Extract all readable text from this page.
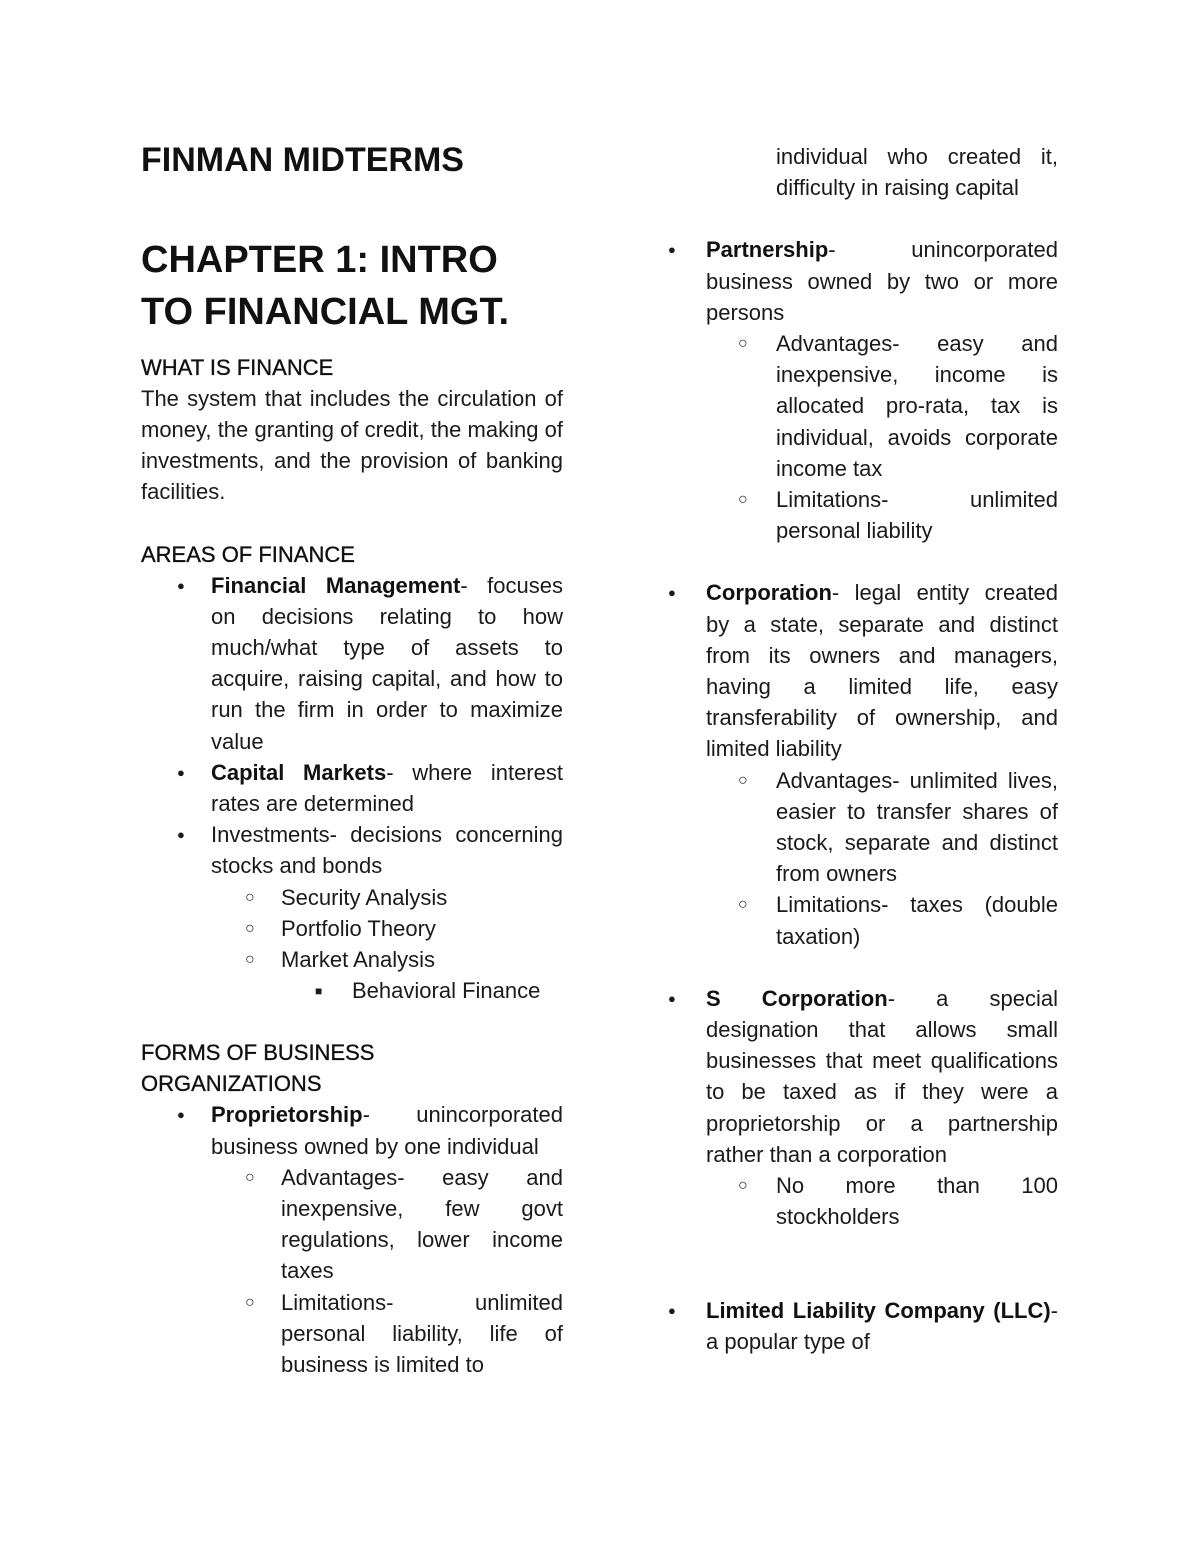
FINMAN MIDTERMS
CHAPTER 1: INTRO
TO FINANCIAL MGT.
WHAT IS FINANCE

The system that includes the circulation of money, the granting of credit, the making of investments, and the provision of banking facilities.

AREAS OF FINANCE
●
Financial Management- focuses on decisions relating to how much/what type of assets to acquire, raising capital, and how to run the firm in order to maximize value
●
Capital Markets- where interest rates are determined
●
Investments- decisions concerning stocks and bonds
○
Security Analysis
○
Portfolio Theory
○
Market Analysis
■
Behavioral Finance
FORMS OF BUSINESS
ORGANIZATIONS
●
Proprietorship- unincorporated business owned by one individual
○
Advantages- easy and inexpensive, few govt regulations, lower income taxes
○
Limitations- unlimited personal liability, life of business is limited to

individual who created it, difficulty in raising capital

●
Partnership- unincorporated business owned by two or more persons
○
Advantages- easy and inexpensive, income is allocated pro-rata, tax is individual, avoids corporate income tax
○
Limitations- unlimited personal liability
●
Corporation- legal entity created by a state, separate and distinct from its owners and managers, having a limited life, easy transferability of ownership, and limited liability
○
Advantages- unlimited lives, easier to transfer shares of stock, separate and distinct from owners
○
Limitations- taxes (double taxation)
●
S Corporation- a special designation that allows small businesses that meet qualifications to be taxed as if they were a proprietorship or a partnership rather than a corporation
○
No more than 100 stockholders
●
Limited Liability Company (LLC)- a popular type of
